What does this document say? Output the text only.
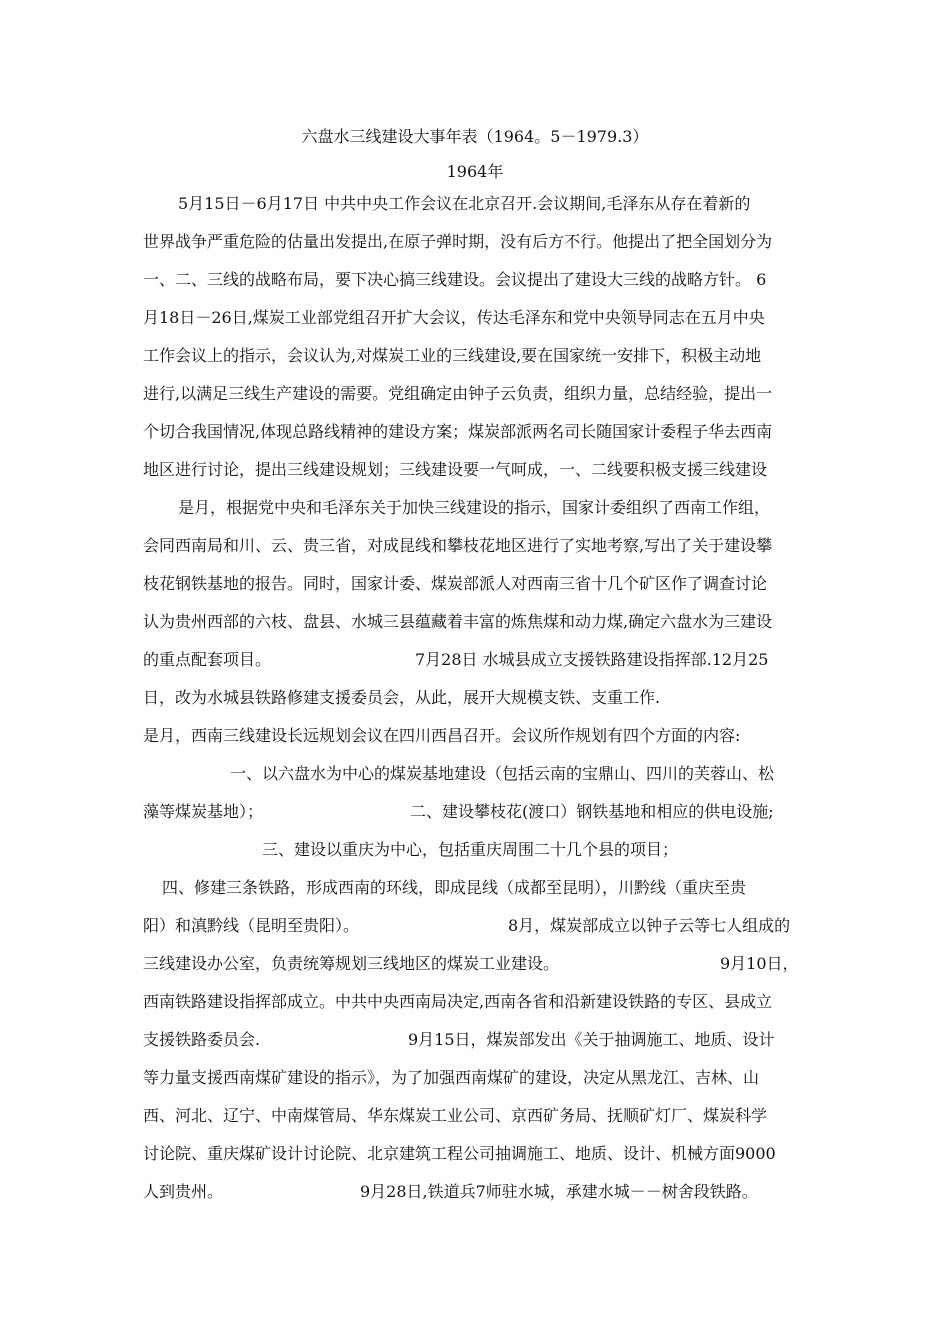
六盘水三线建设大事年表（1964。5－1979.3）
1964年
5月15日－6月17日 中共中央工作会议在北京召开.会议期间,毛泽东从存在着新的
世界战争严重危险的估量出发提出,在原子弹时期，没有后方不行。他提出了把全国划分为
一、二、三线的战略布局，要下决心搞三线建设。会议提出了建设大三线的战略方针。 6
月18日－26日,煤炭工业部党组召开扩大会议，传达毛泽东和党中央领导同志在五月中央
工作会议上的指示，会议认为,对煤炭工业的三线建设,要在国家统一安排下，积极主动地
进行,以满足三线生产建设的需要。党组确定由钟子云负责，组织力量，总结经验，提出一
个切合我国情况,体现总路线精神的建设方案；煤炭部派两名司长随国家计委程子华去西南
地区进行讨论，提出三线建设规划；三线建设要一气呵成，一、二线要积极支援三线建设
是月，根据党中央和毛泽东关于加快三线建设的指示，国家计委组织了西南工作组，
会同西南局和川、云、贵三省，对成昆线和攀枝花地区进行了实地考察,写出了关于建设攀
枝花钢铁基地的报告。同时，国家计委、煤炭部派人对西南三省十几个矿区作了调查讨论
认为贵州西部的六枝、盘县、水城三县蕴藏着丰富的炼焦煤和动力煤,确定六盘水为三建设
的重点配套项目。	7月28日 水城县成立支援铁路建设指挥部.12月25
日，改为水城县铁路修建支援委员会，从此，展开大规模支铁、支重工作.
是月，西南三线建设长远规划会议在四川西昌召开。会议所作规划有四个方面的内容:
一、以六盘水为中心的煤炭基地建设（包括云南的宝鼎山、四川的芙蓉山、松
藻等煤炭基地）；	二、建设攀枝花(渡口）钢铁基地和相应的供电设施;
三、建设以重庆为中心，包括重庆周围二十几个县的项目；
四、修建三条铁路，形成西南的环线，即成昆线（成都至昆明），川黔线（重庆至贵
阳）和滇黔线（昆明至贵阳）。	8月，煤炭部成立以钟子云等七人组成的
三线建设办公室，负责统筹规划三线地区的煤炭工业建设。	9月10日，
西南铁路建设指挥部成立。中共中央西南局决定,西南各省和沿新建设铁路的专区、县成立
支援铁路委员会.	9月15日，煤炭部发出《关于抽调施工、地质、设计
等力量支援西南煤矿建设的指示》，为了加强西南煤矿的建设，决定从黑龙江、吉林、山
西、河北、辽宁、中南煤管局、华东煤炭工业公司、京西矿务局、抚顺矿灯厂、煤炭科学
讨论院、重庆煤矿设计讨论院、北京建筑工程公司抽调施工、地质、设计、机械方面9000
人到贵州。	9月28日,铁道兵7师驻水城，承建水城－－树舍段铁路。
